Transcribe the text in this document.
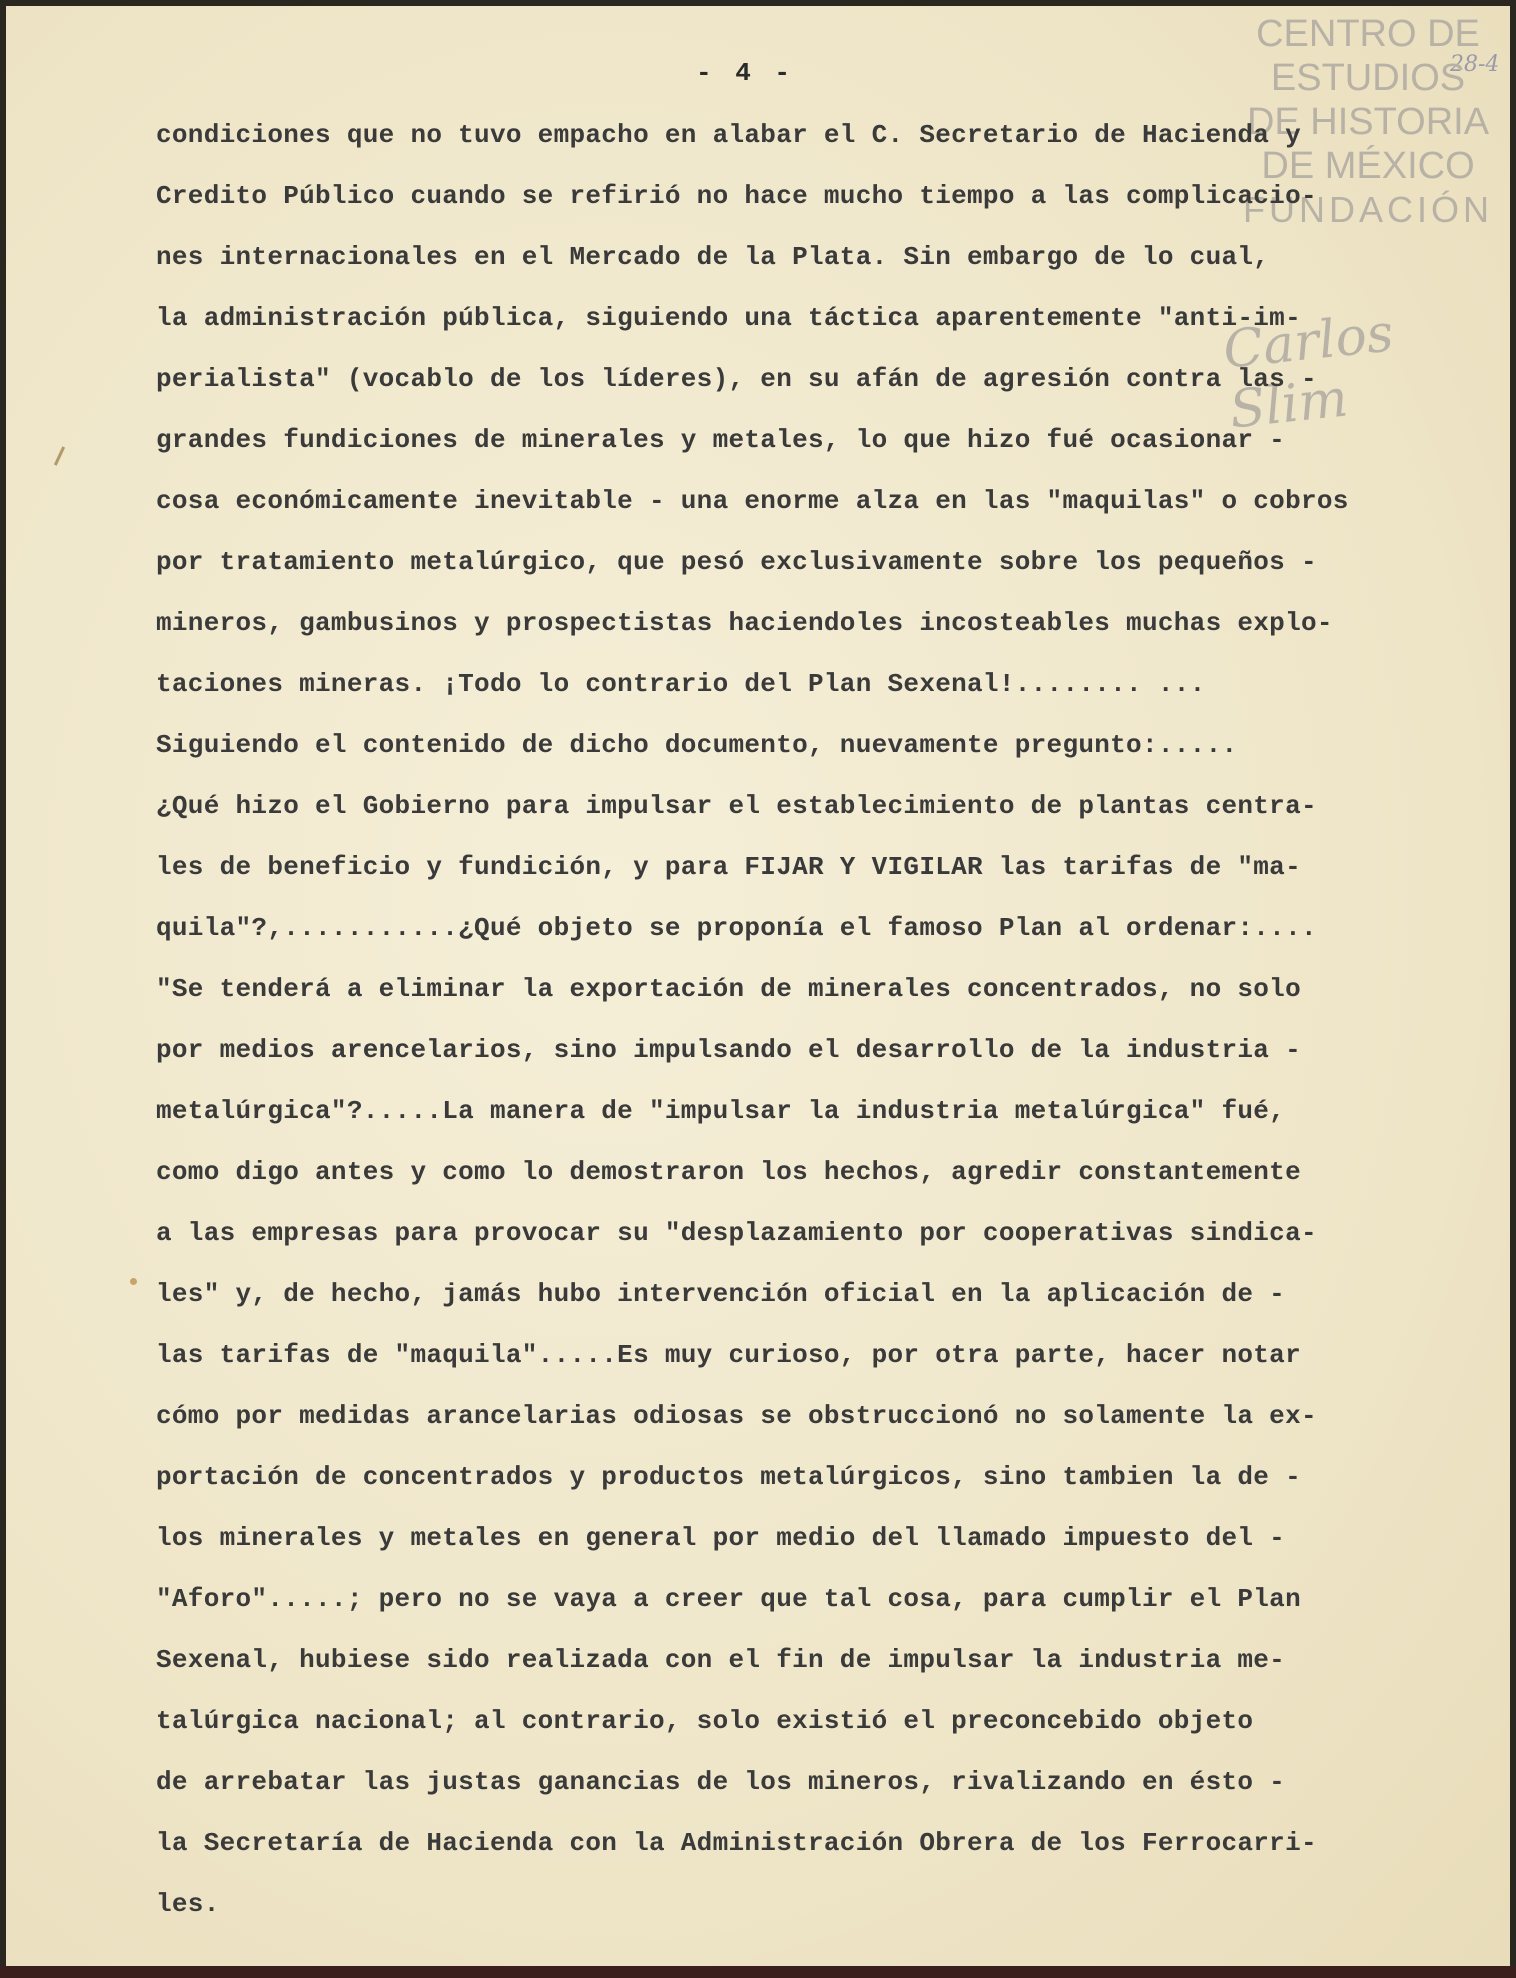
- 4 -	28-4
CENTRO DE
ESTUDIOS
DE HISTORIA
DE MÉXICO
FUNDACIÓN
Carlos Slim
condiciones que no tuvo empacho en alabar el C. Secretario de Hacienda y
Credito Público cuando se refirió no hace mucho tiempo a las complicacio-
nes internacionales en el Mercado de la Plata. Sin embargo de lo cual,
la administración pública, siguiendo una táctica aparentemente "anti-im-
perialista" (vocablo de los líderes), en su afán de agresión contra las -
grandes fundiciones de minerales y metales, lo que hizo fué ocasionar -
cosa económicamente inevitable - una enorme alza en las "maquilas" o cobros
por tratamiento metalúrgico, que pesó exclusivamente sobre los pequeños -
mineros, gambusinos y prospectistas haciendoles incosteables muchas explo-
taciones mineras. ¡Todo lo contrario del Plan Sexenal!........ ...
Siguiendo el contenido de dicho documento, nuevamente pregunto:.....
¿Qué hizo el Gobierno para impulsar el establecimiento de plantas centra-
les de beneficio y fundición, y para FIJAR Y VIGILAR las tarifas de "ma-
quila"?,...........¿Qué objeto se proponía el famoso Plan al ordenar:....
"Se tenderá a eliminar la exportación de minerales concentrados, no solo
por medios arencelarios, sino impulsando el desarrollo de la industria -
metalúrgica"?.....La manera de "impulsar la industria metalúrgica" fué,
como digo antes y como lo demostraron los hechos, agredir constantemente
a las empresas para provocar su "desplazamiento por cooperativas sindica-
les" y, de hecho, jamás hubo intervención oficial en la aplicación de -
las tarifas de "maquila".....Es muy curioso, por otra parte, hacer notar
cómo por medidas arancelarias odiosas se obstruccionó no solamente la ex-
portación de concentrados y productos metalúrgicos, sino tambien la de -
los minerales y metales en general por medio del llamado impuesto del -
"Aforo".....; pero no se vaya a creer que tal cosa, para cumplir el Plan
Sexenal, hubiese sido realizada con el fin de impulsar la industria me-
talúrgica nacional; al contrario, solo existió el preconcebido objeto
de arrebatar las justas ganancias de los mineros, rivalizando en ésto -
la Secretaría de Hacienda con la Administración Obrera de los Ferrocarri-
les.
